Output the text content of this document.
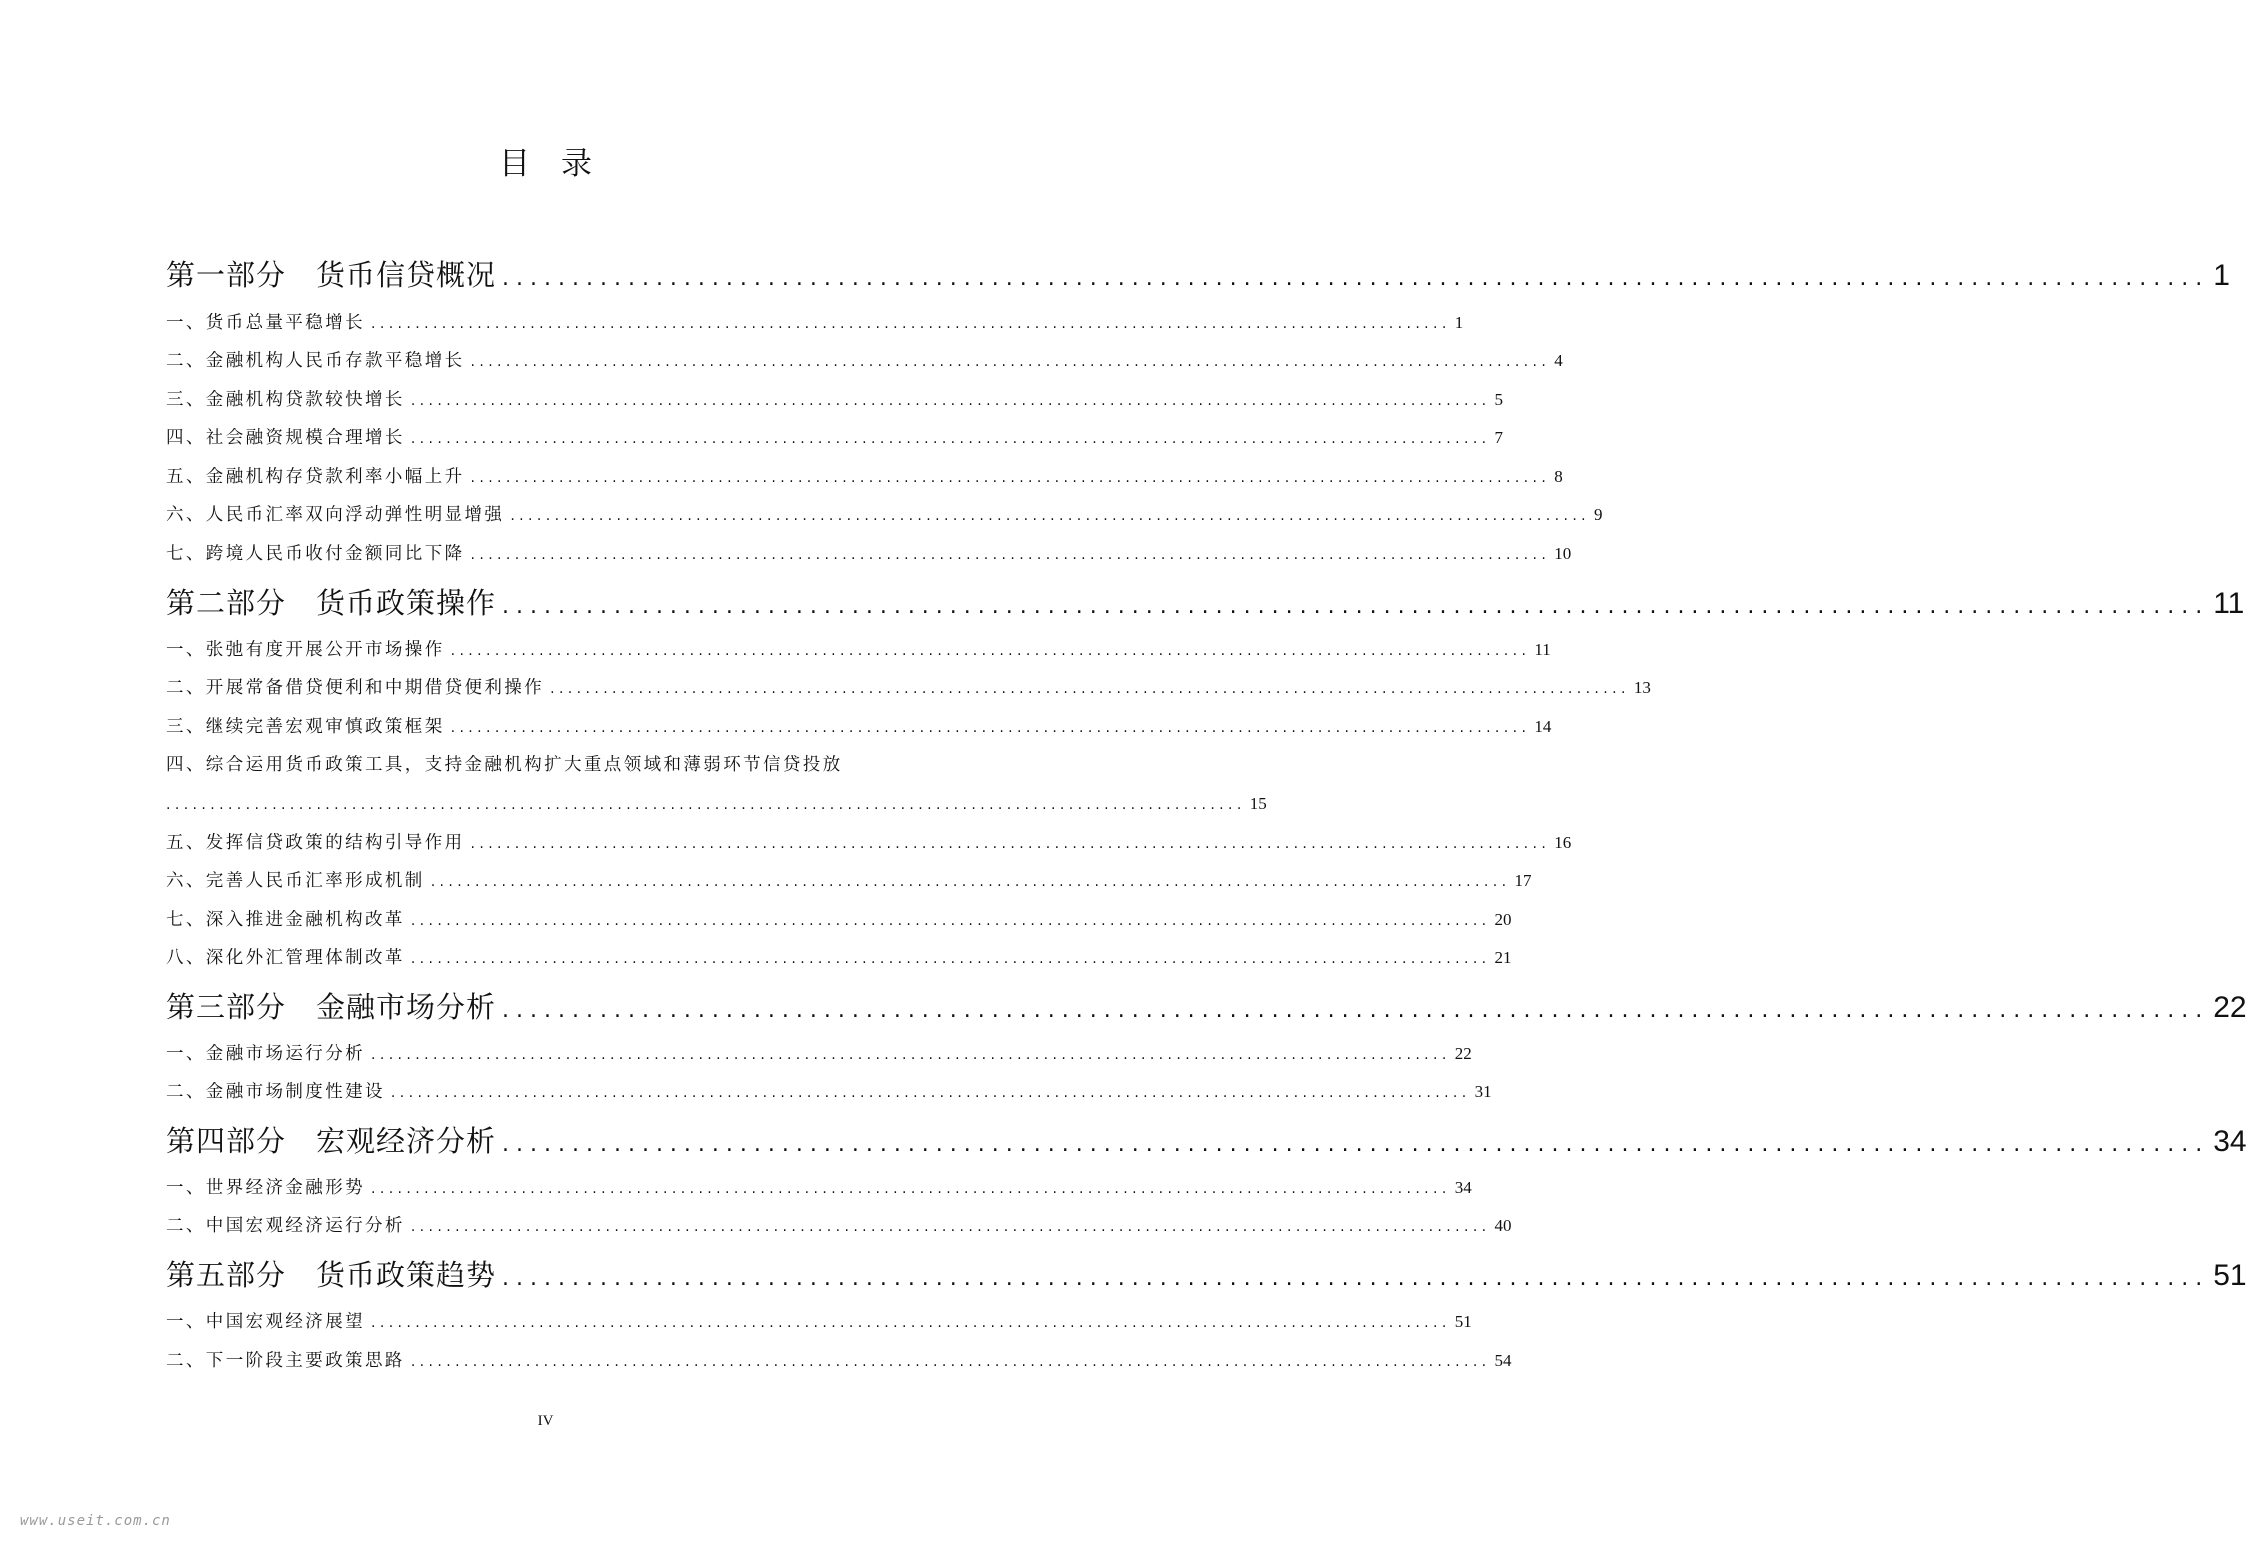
目　录
第一部分　货币信贷概况 .......................................................................................................................... 1
一、货币总量平稳增长 .......................................................................................................................... 1
二、金融机构人民币存款平稳增长 .......................................................................................................................... 4
三、金融机构贷款较快增长 .......................................................................................................................... 5
四、社会融资规模合理增长 .......................................................................................................................... 7
五、金融机构存贷款利率小幅上升 .......................................................................................................................... 8
六、人民币汇率双向浮动弹性明显增强 .......................................................................................................................... 9
七、跨境人民币收付金额同比下降 .......................................................................................................................... 10
第二部分　货币政策操作 .......................................................................................................................... 11
一、张弛有度开展公开市场操作 .......................................................................................................................... 11
二、开展常备借贷便利和中期借贷便利操作 .......................................................................................................................... 13
三、继续完善宏观审慎政策框架 .......................................................................................................................... 14
四、综合运用货币政策工具，支持金融机构扩大重点领域和薄弱环节信贷投放
.......................................................................................................................... 15
五、发挥信贷政策的结构引导作用 .......................................................................................................................... 16
六、完善人民币汇率形成机制 .......................................................................................................................... 17
七、深入推进金融机构改革 .......................................................................................................................... 20
八、深化外汇管理体制改革 .......................................................................................................................... 21
第三部分　金融市场分析 .......................................................................................................................... 22
一、金融市场运行分析 .......................................................................................................................... 22
二、金融市场制度性建设 .......................................................................................................................... 31
第四部分　宏观经济分析 .......................................................................................................................... 34
一、世界经济金融形势 .......................................................................................................................... 34
二、中国宏观经济运行分析 .......................................................................................................................... 40
第五部分　货币政策趋势 .......................................................................................................................... 51
一、中国宏观经济展望 .......................................................................................................................... 51
二、下一阶段主要政策思路 .......................................................................................................................... 54
IV
www.useit.com.cn
